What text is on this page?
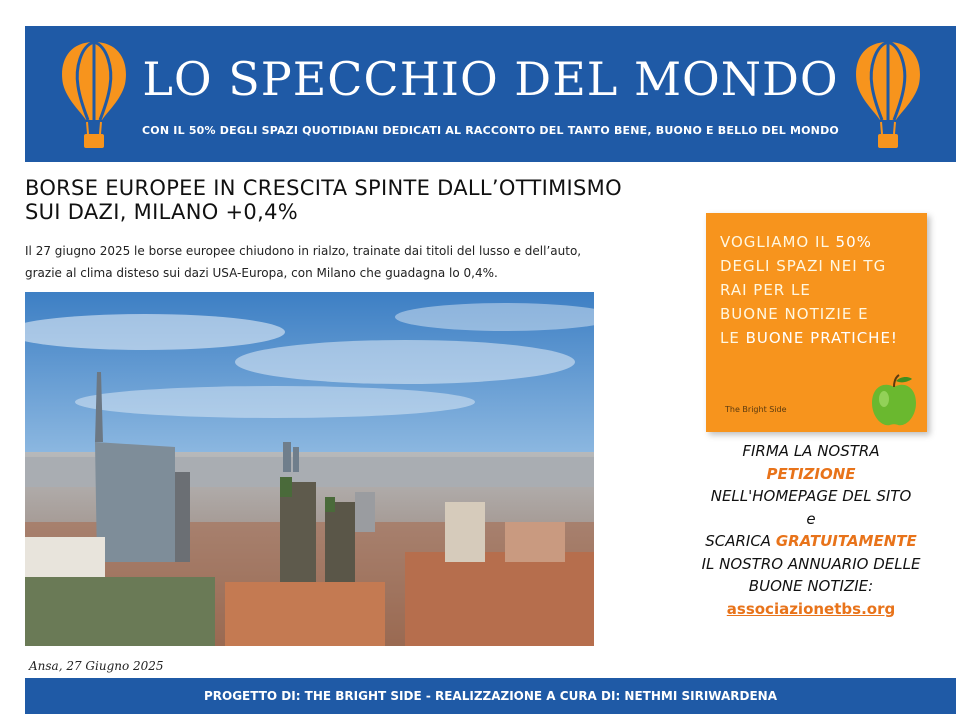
LO SPECCHIO DEL MONDO
CON IL 50% DEGLI SPAZI QUOTIDIANI DEDICATI AL RACCONTO DEL TANTO BENE, BUONO E BELLO DEL MONDO
BORSE EUROPEE IN CRESCITA SPINTE DALL’OTTIMISMO
SUI DAZI, MILANO +0,4%

Il 27 giugno 2025 le borse europee chiudono in rialzo, trainate dai titoli del lusso e dell’auto, grazie al clima disteso sui dazi USA-Europa, con Milano che guadagna lo 0,4%.

VOGLIAMO IL 50%
DEGLI SPAZI NEI TG
RAI PER LE
BUONE NOTIZIE E
LE BUONE PRATICHE!
The Bright Side
FIRMA LA NOSTRA
PETIZIONE
NELL'HOMEPAGE DEL SITO
e
SCARICA GRATUITAMENTE
IL NOSTRO ANNUARIO DELLE
BUONE NOTIZIE:
associazionetbs.org
Ansa, 27 Giugno 2025
PROGETTO DI: THE BRIGHT SIDE - REALIZZAZIONE A CURA DI: NETHMI SIRIWARDENA
